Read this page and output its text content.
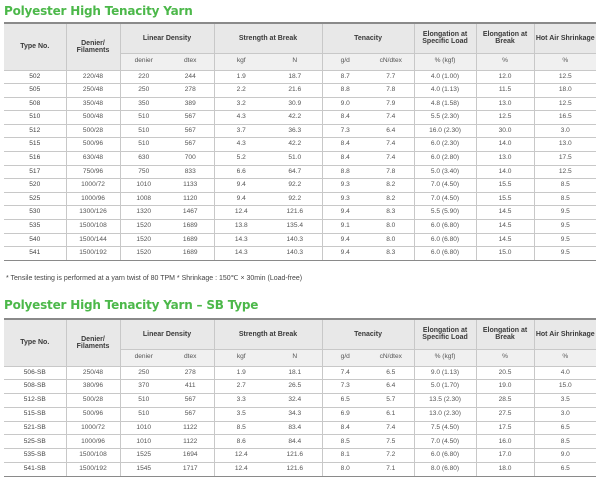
Polyester High Tenacity Yarn
Type No.	Denier/ Filaments	Linear Density		Strength at Break		Tenacity		Elongation at Specific Load	Elongation at Break	Hot Air Shrinkage
		denier	dtex	kgf	N	g/d	cN/dtex	% (kgf)	%	%
502	220/48	220	244	1.9	18.7	8.7	7.7	4.0 (1.00)	12.0	12.5
505	250/48	250	278	2.2	21.6	8.8	7.8	4.0 (1.13)	11.5	18.0
508	350/48	350	389	3.2	30.9	9.0	7.9	4.8 (1.58)	13.0	12.5
510	500/48	510	567	4.3	42.2	8.4	7.4	5.5 (2.30)	12.5	16.5
512	500/28	510	567	3.7	36.3	7.3	6.4	16.0 (2.30)	30.0	3.0
515	500/96	510	567	4.3	42.2	8.4	7.4	6.0 (2.30)	14.0	13.0
516	630/48	630	700	5.2	51.0	8.4	7.4	6.0 (2.80)	13.0	17.5
517	750/96	750	833	6.6	64.7	8.8	7.8	5.0 (3.40)	14.0	12.5
520	1000/72	1010	1133	9.4	92.2	9.3	8.2	7.0 (4.50)	15.5	8.5
525	1000/96	1008	1120	9.4	92.2	9.3	8.2	7.0 (4.50)	15.5	8.5
530	1300/126	1320	1467	12.4	121.6	9.4	8.3	5.5 (5.90)	14.5	9.5
535	1500/108	1520	1689	13.8	135.4	9.1	8.0	6.0 (6.80)	14.5	9.5
540	1500/144	1520	1689	14.3	140.3	9.4	8.0	6.0 (6.80)	14.5	9.5
541	1500/192	1520	1689	14.3	140.3	9.4	8.3	6.0 (6.80)	15.0	9.5
* Tensile testing is performed at a yarn twist of 80 TPM * Shrinkage : 150℃ × 30min (Load-free)
Polyester High Tenacity Yarn – SB Type
Type No.	Denier/ Filaments	Linear Density		Strength at Break		Tenacity		Elongation at Specific Load	Elongation at Break	Hot Air Shrinkage
		denier	dtex	kgf	N	g/d	cN/dtex	% (kgf)	%	%
506-SB	250/48	250	278	1.9	18.1	7.4	6.5	9.0 (1.13)	20.5	4.0
508-SB	380/96	370	411	2.7	26.5	7.3	6.4	5.0 (1.70)	19.0	15.0
512-SB	500/28	510	567	3.3	32.4	6.5	5.7	13.5 (2.30)	28.5	3.5
515-SB	500/96	510	567	3.5	34.3	6.9	6.1	13.0 (2.30)	27.5	3.0
521-SB	1000/72	1010	1122	8.5	83.4	8.4	7.4	7.5 (4.50)	17.5	6.5
525-SB	1000/96	1010	1122	8.6	84.4	8.5	7.5	7.0 (4.50)	16.0	8.5
535-SB	1500/108	1525	1694	12.4	121.6	8.1	7.2	6.0 (6.80)	17.0	9.0
541-SB	1500/192	1545	1717	12.4	121.6	8.0	7.1	8.0 (6.80)	18.0	6.5
